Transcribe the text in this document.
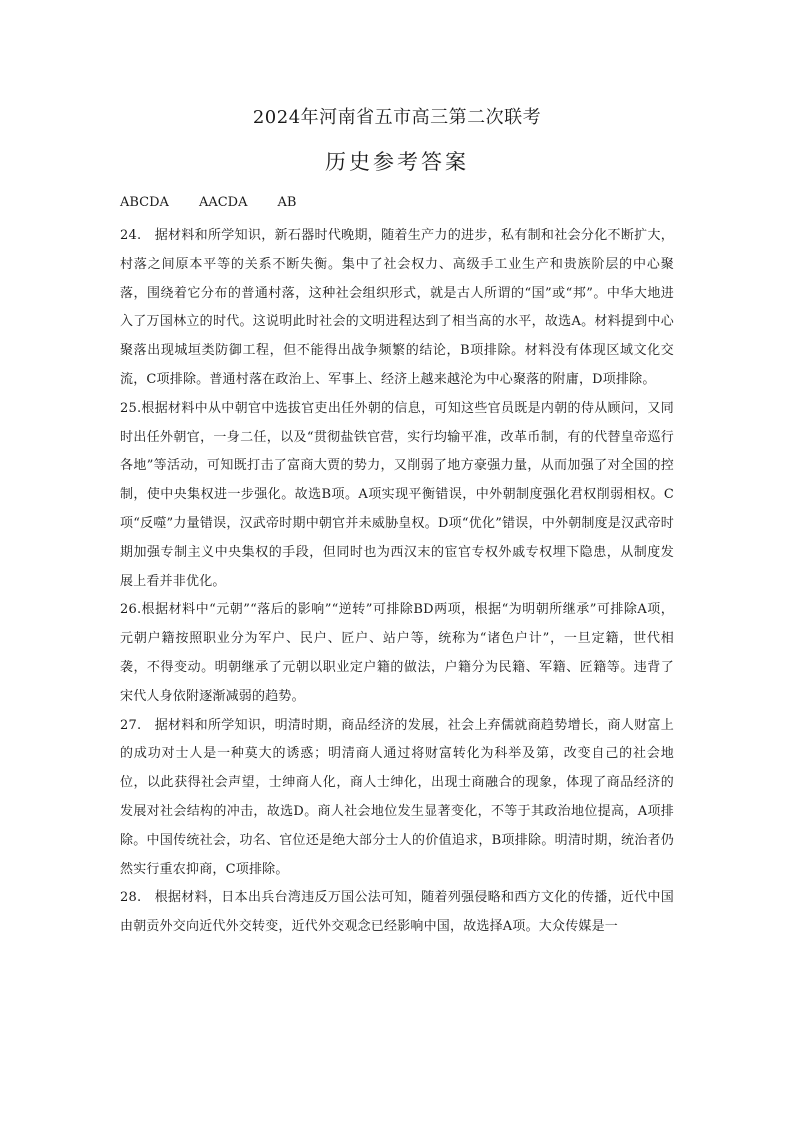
2024年河南省五市高三第二次联考
历史参考答案
ABCDA AACDA AB

24.　据材料和所学知识，新石器时代晚期，随着生产力的进步，私有制和社会分化不断扩大，村落之间原本平等的关系不断失衡。集中了社会权力、高级手工业生产和贵族阶层的中心聚落，围绕着它分布的普通村落，这种社会组织形式，就是古人所谓的“国”或“邦”。中华大地进入了万国林立的时代。这说明此时社会的文明进程达到了相当高的水平，故选A。材料提到中心聚落出现城垣类防御工程，但不能得出战争频繁的结论，B项排除。材料没有体现区域文化交流，C项排除。普通村落在政治上、军事上、经济上越来越沦为中心聚落的附庸，D项排除。

25.根据材料中从中朝官中选拔官吏出任外朝的信息，可知这些官员既是内朝的侍从顾问，又同时出任外朝官，一身二任，以及“贯彻盐铁官营，实行均输平准，改革币制，有的代替皇帝巡行各地”等活动，可知既打击了富商大贾的势力，又削弱了地方豪强力量，从而加强了对全国的控制，使中央集权进一步强化。故选B项。A项实现平衡错误，中外朝制度强化君权削弱相权。C项“反噬”力量错误，汉武帝时期中朝官并未威胁皇权。D项“优化”错误，中外朝制度是汉武帝时期加强专制主义中央集权的手段，但同时也为西汉末的宦官专权外戚专权埋下隐患，从制度发展上看并非优化。

26.根据材料中“元朝”“落后的影响”“逆转”可排除BD两项，根据“为明朝所继承”可排除A项，元朝户籍按照职业分为军户、民户、匠户、站户等，统称为“诸色户计”，一旦定籍，世代相袭，不得变动。明朝继承了元朝以职业定户籍的做法，户籍分为民籍、军籍、匠籍等。违背了宋代人身依附逐渐减弱的趋势。

27.　据材料和所学知识，明清时期，商品经济的发展，社会上弃儒就商趋势增长，商人财富上的成功对士人是一种莫大的诱惑；明清商人通过将财富转化为科举及第，改变自己的社会地位，以此获得社会声望，士绅商人化，商人士绅化，出现士商融合的现象，体现了商品经济的发展对社会结构的冲击，故选D。商人社会地位发生显著变化，不等于其政治地位提高，A项排除。中国传统社会，功名、官位还是绝大部分士人的价值追求，B项排除。明清时期，统治者仍然实行重农抑商，C项排除。

28.　根据材料，日本出兵台湾违反万国公法可知，随着列强侵略和西方文化的传播，近代中国由朝贡外交向近代外交转变，近代外交观念已经影响中国，故选择A项。大众传媒是一
